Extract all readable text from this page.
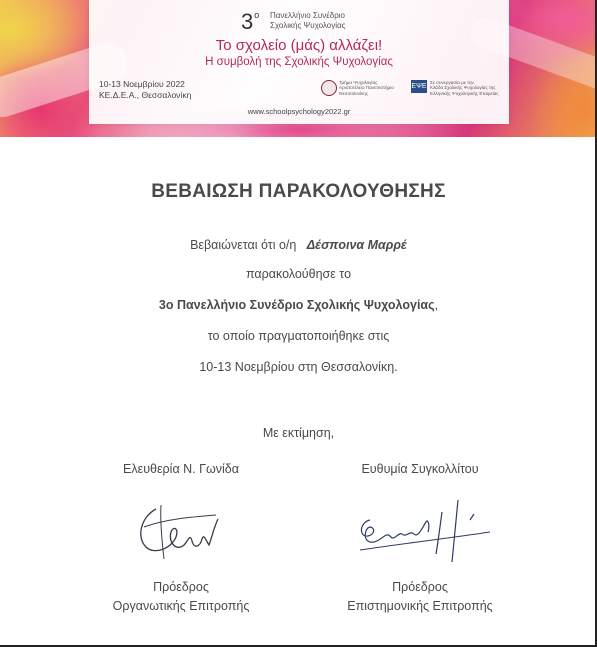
$3^o$ Πανελλήνιο Συνέδριο
Σχολικής Ψυχολογίας
Το σχολείο (μάς) αλλάζει!
Η συμβολή της Σχολικής Ψυχολογίας
10-13 Νοεμβρίου 2022
ΚΕ.Δ.Ε.Α., Θεσσαλονίκη
Τμήμα Ψυχολογίας
Αριστοτέλειο Πανεπιστήμιο
Θεσσαλονίκης
ΕΨΕ
Σε συνεργασία με την
Κλάδο Σχολικής Ψυχολογίας της
Ελληνικής Ψυχολογικής Εταιρείας
www.schoolpsychology2022.gr
ΒΕΒΑΙΩΣΗ ΠΑΡΑΚΟΛΟΥΘΗΣΗΣ
Βεβαιώνεται ότι ο/η Δέσποινα Μαρρέ
παρακολούθησε το
3ο Πανελλήνιο Συνέδριο Σχολικής Ψυχολογίας,
το οποίο πραγματοποιήθηκε στις
10-13 Νοεμβρίου στη Θεσσαλονίκη.
Με εκτίμηση,
Ελευθερία Ν. Γωνίδα
Πρόεδρος
Οργανωτικής Επιτροπής
Ευθυμία Συγκολλίτου
Πρόεδρος
Επιστημονικής Επιτροπής
